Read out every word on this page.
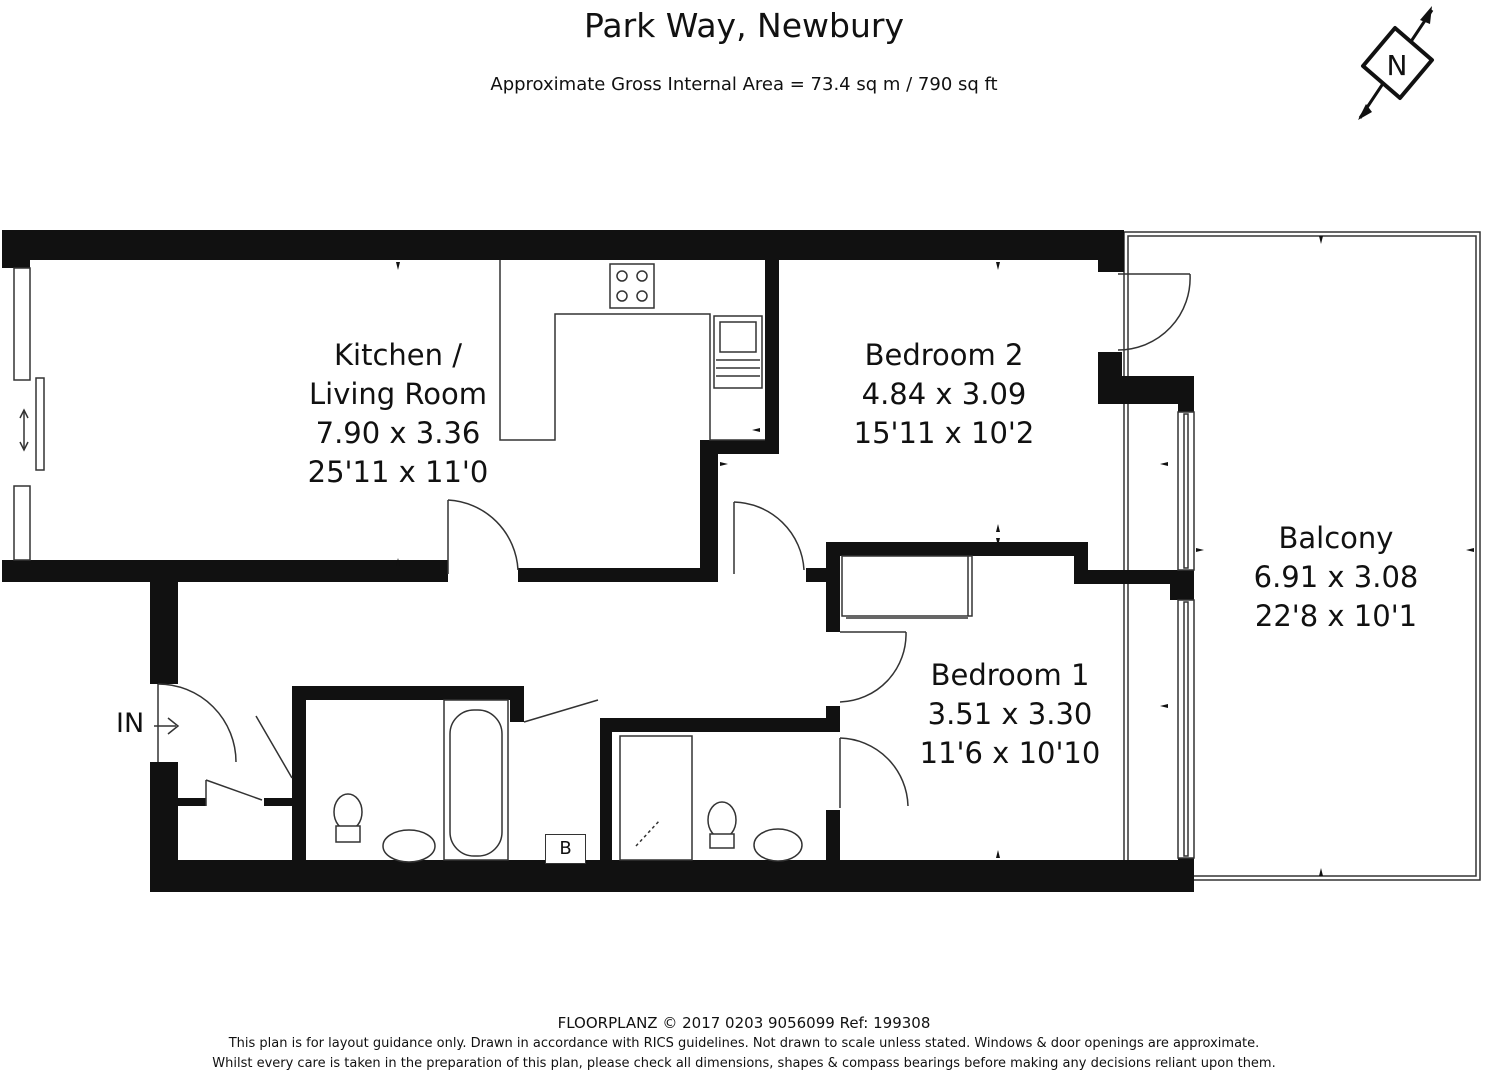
Park Way, Newbury
Approximate Gross Internal Area = 73.4 sq m / 790 sq ft
N
Kitchen /
Living Room
7.90 x 3.36
25'11 x 11'0
Bedroom 2
4.84 x 3.09
15'11 x 10'2
Balcony
6.91 x 3.08
22'8 x 10'1
Bedroom 1
3.51 x 3.30
11'6 x 10'10
IN
B
FLOORPLANZ © 2017 0203 9056099 Ref: 199308
This plan is for layout guidance only. Drawn in accordance with RICS guidelines. Not drawn to scale unless stated. Windows & door openings are approximate.
Whilst every care is taken in the preparation of this plan, please check all dimensions, shapes & compass bearings before making any decisions reliant upon them.
